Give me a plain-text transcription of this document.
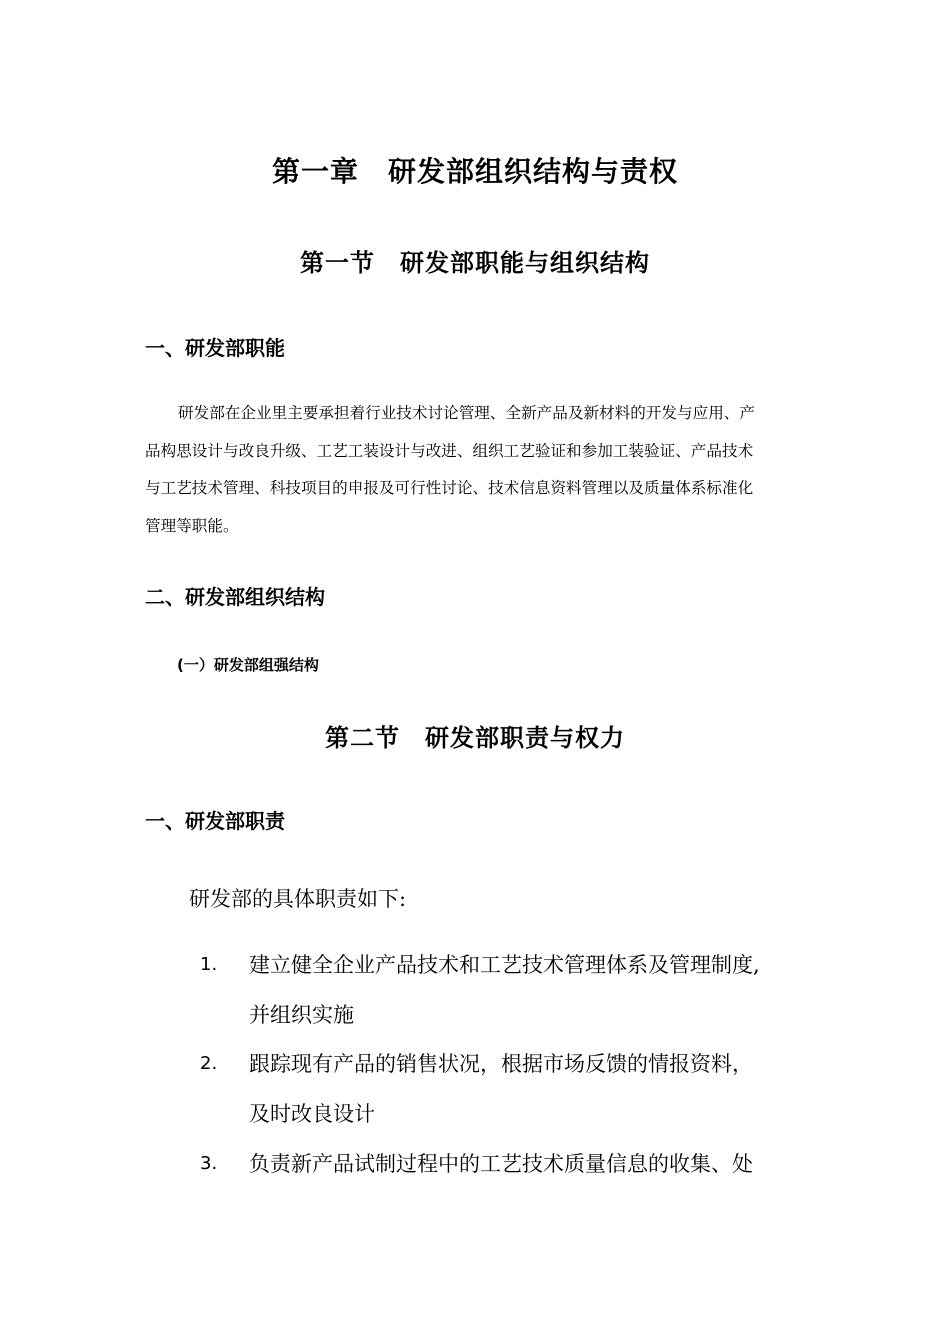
第一章　研发部组织结构与责权
第一节　研发部职能与组织结构
一、研发部职能
研发部在企业里主要承担着行业技术讨论管理、全新产品及新材料的开发与应用、产
品构思设计与改良升级、工艺工装设计与改进、组织工艺验证和参加工装验证、产品技术
与工艺技术管理、科技项目的申报及可行性讨论、技术信息资料管理以及质量体系标准化
管理等职能。
二、研发部组织结构
(一）研发部组强结构
第二节　研发部职责与权力
一、研发部职责
研发部的具体职责如下:
1. 建立健全企业产品技术和工艺技术管理体系及管理制度,
并组织实施
2. 跟踪现有产品的销售状况，根据市场反馈的情报资料，
及时改良设计
3. 负责新产品试制过程中的工艺技术质量信息的收集、处
